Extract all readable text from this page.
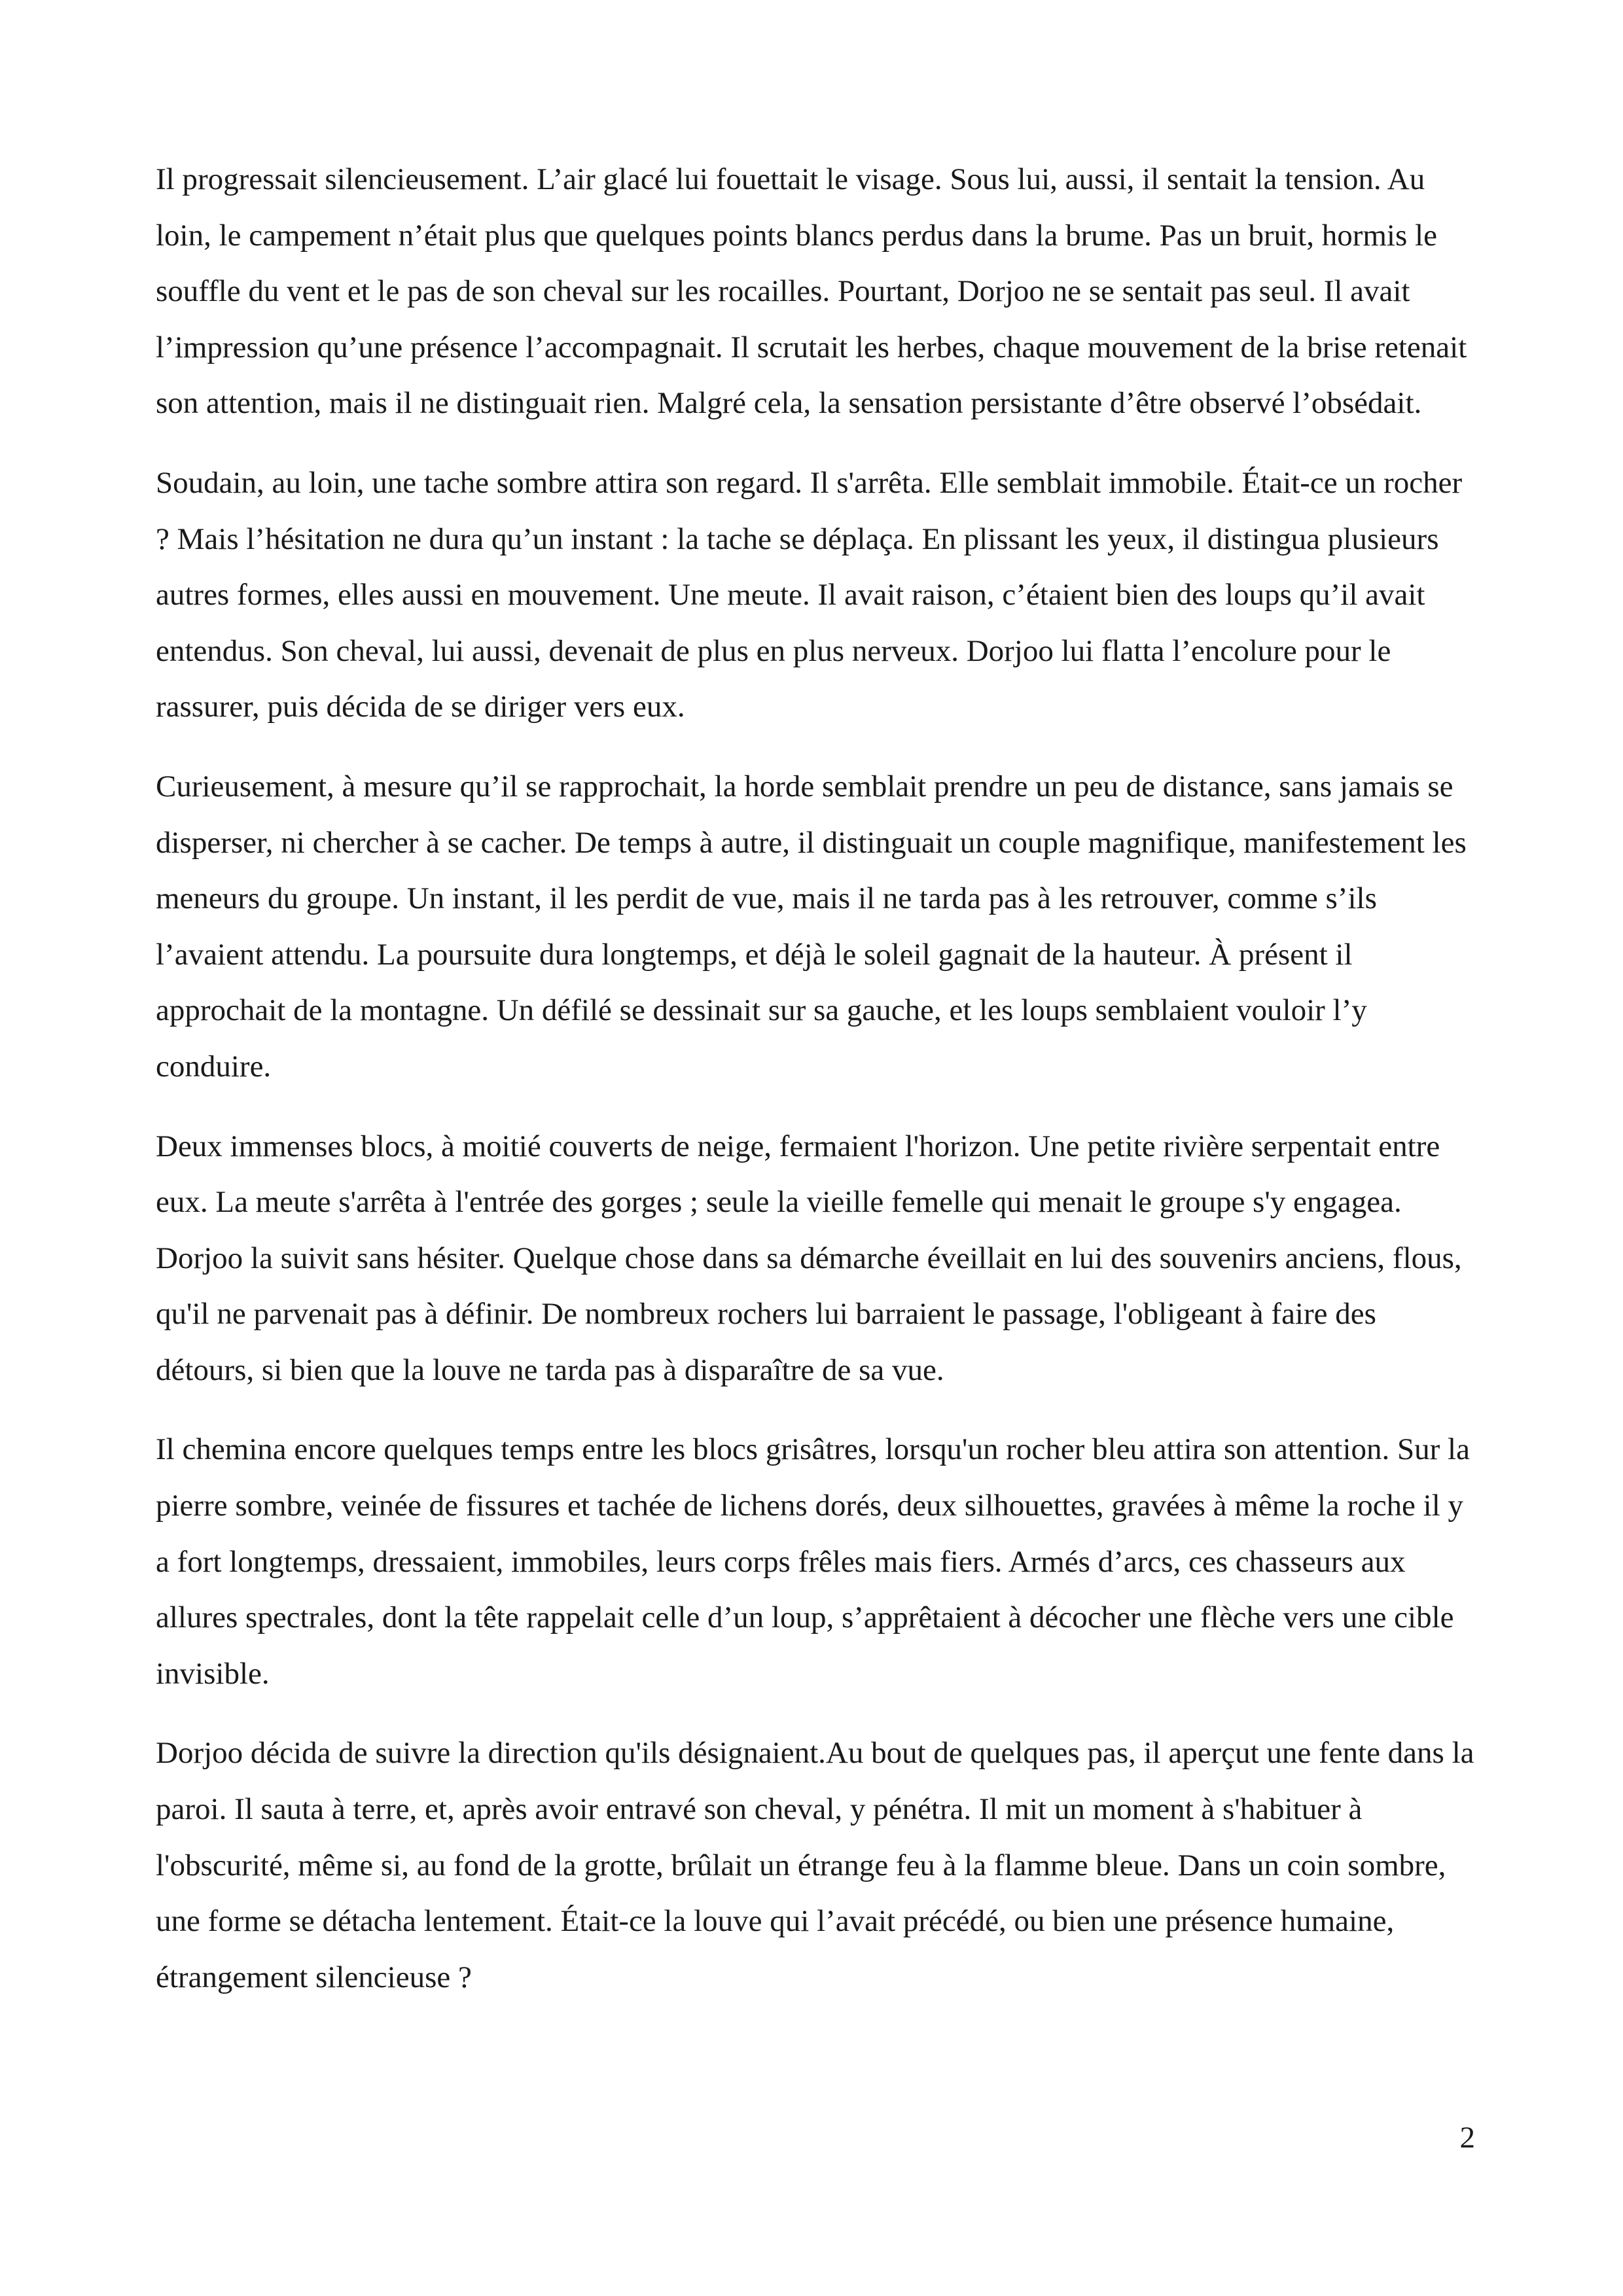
Il progressait silencieusement. L’air glacé lui fouettait le visage. Sous lui, aussi, il sentait la tension. Au loin, le campement n’était plus que quelques points blancs perdus dans la brume. Pas un bruit, hormis le souffle du vent et le pas de son cheval sur les rocailles. Pourtant, Dorjoo ne se sentait pas seul. Il avait l’impression qu’une présence l’accompagnait. Il scrutait les herbes, chaque mouvement de la brise retenait son attention, mais il ne distinguait rien. Malgré cela, la sensation persistante d’être observé l’obsédait.

Soudain, au loin, une tache sombre attira son regard. Il s'arrêta. Elle semblait immobile. Était-ce un rocher ? Mais l’hésitation ne dura qu’un instant : la tache se déplaça. En plissant les yeux, il distingua plusieurs autres formes, elles aussi en mouvement. Une meute. Il avait raison, c’étaient bien des loups qu’il avait entendus. Son cheval, lui aussi, devenait de plus en plus nerveux. Dorjoo lui flatta l’encolure pour le rassurer, puis décida de se diriger vers eux.

Curieusement, à mesure qu’il se rapprochait, la horde semblait prendre un peu de distance, sans jamais se disperser, ni chercher à se cacher. De temps à autre, il distinguait un couple magnifique, manifestement les meneurs du groupe. Un instant, il les perdit de vue, mais il ne tarda pas à les retrouver, comme s’ils l’avaient attendu. La poursuite dura longtemps, et déjà le soleil gagnait de la hauteur. À présent il approchait de la montagne. Un défilé se dessinait sur sa gauche, et les loups semblaient vouloir l’y conduire.

Deux immenses blocs, à moitié couverts de neige, fermaient l'horizon. Une petite rivière serpentait entre eux. La meute s'arrêta à l'entrée des gorges ; seule la vieille femelle qui menait le groupe s'y engagea. Dorjoo la suivit sans hésiter. Quelque chose dans sa démarche éveillait en lui des souvenirs anciens, flous, qu'il ne parvenait pas à définir. De nombreux rochers lui barraient le passage, l'obligeant à faire des détours, si bien que la louve ne tarda pas à disparaître de sa vue.

Il chemina encore quelques temps entre les blocs grisâtres, lorsqu'un rocher bleu attira son attention. Sur la pierre sombre, veinée de fissures et tachée de lichens dorés, deux silhouettes, gravées à même la roche il y a fort longtemps, dressaient, immobiles, leurs corps frêles mais fiers. Armés d’arcs, ces chasseurs aux allures spectrales, dont la tête rappelait celle d’un loup, s’apprêtaient à décocher une flèche vers une cible invisible.

Dorjoo décida de suivre la direction qu'ils désignaient.Au bout de quelques pas, il aperçut une fente dans la paroi. Il sauta à terre, et, après avoir entravé son cheval, y pénétra. Il mit un moment à s'habituer à l'obscurité, même si, au fond de la grotte, brûlait un étrange feu à la flamme bleue. Dans un coin sombre, une forme se détacha lentement. Était-ce la louve qui l’avait précédé, ou bien une présence humaine, étrangement silencieuse ?

2
